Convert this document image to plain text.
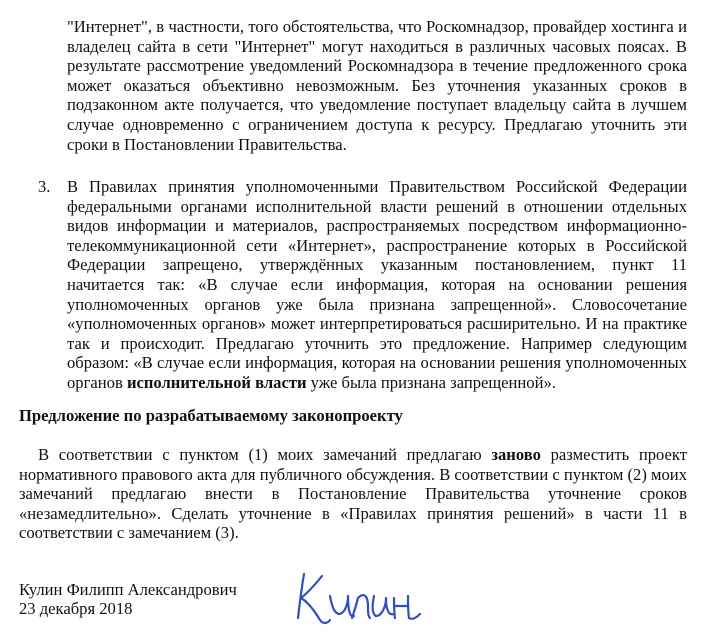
"Интернет", в частности, того обстоятельства, что Роскомнадзор, провайдер хостинга и владелец сайта в сети "Интернет" могут находиться в различных часовых поясах. В результате рассмотрение уведомлений Роскомнадзора в течение предложенного срока может оказаться объективно невозможным. Без уточнения указанных сроков в подзаконном акте получается, что уведомление поступает владельцу сайта в лучшем случае одновременно с ограничением доступа к ресурсу. Предлагаю уточнить эти сроки в Постановлении Правительства.

3. В Правилах принятия уполномоченными Правительством Российской Федерации федеральными органами исполнительной власти решений в отношении отдельных видов информации и материалов, распространяемых посредством информационно-телекоммуникационной сети «Интернет», распространение которых в Российской Федерации запрещено, утверждённых указанным постановлением, пункт 11 начитается так: «В случае если информация, которая на основании решения уполномоченных органов уже была признана запрещенной». Словосочетание «уполномоченных органов» может интерпретироваться расширительно. И на практике так и происходит. Предлагаю уточнить это предложение. Например следующим образом: «В случае если информация, которая на основании решения уполномоченных органов исполнительной власти уже была признана запрещенной».

Предложение по разрабатываемому законопроекту

В соответствии с пунктом (1) моих замечаний предлагаю заново разместить проект нормативного правового акта для публичного обсуждения. В соответствии с пунктом (2) моих замечаний предлагаю внести в Постановление Правительства уточнение сроков «незамедлительно». Сделать уточнение в «Правилах принятия решений» в части 11 в соответствии с замечанием (3).

Кулин Филипп Александрович
23 декабря 2018
